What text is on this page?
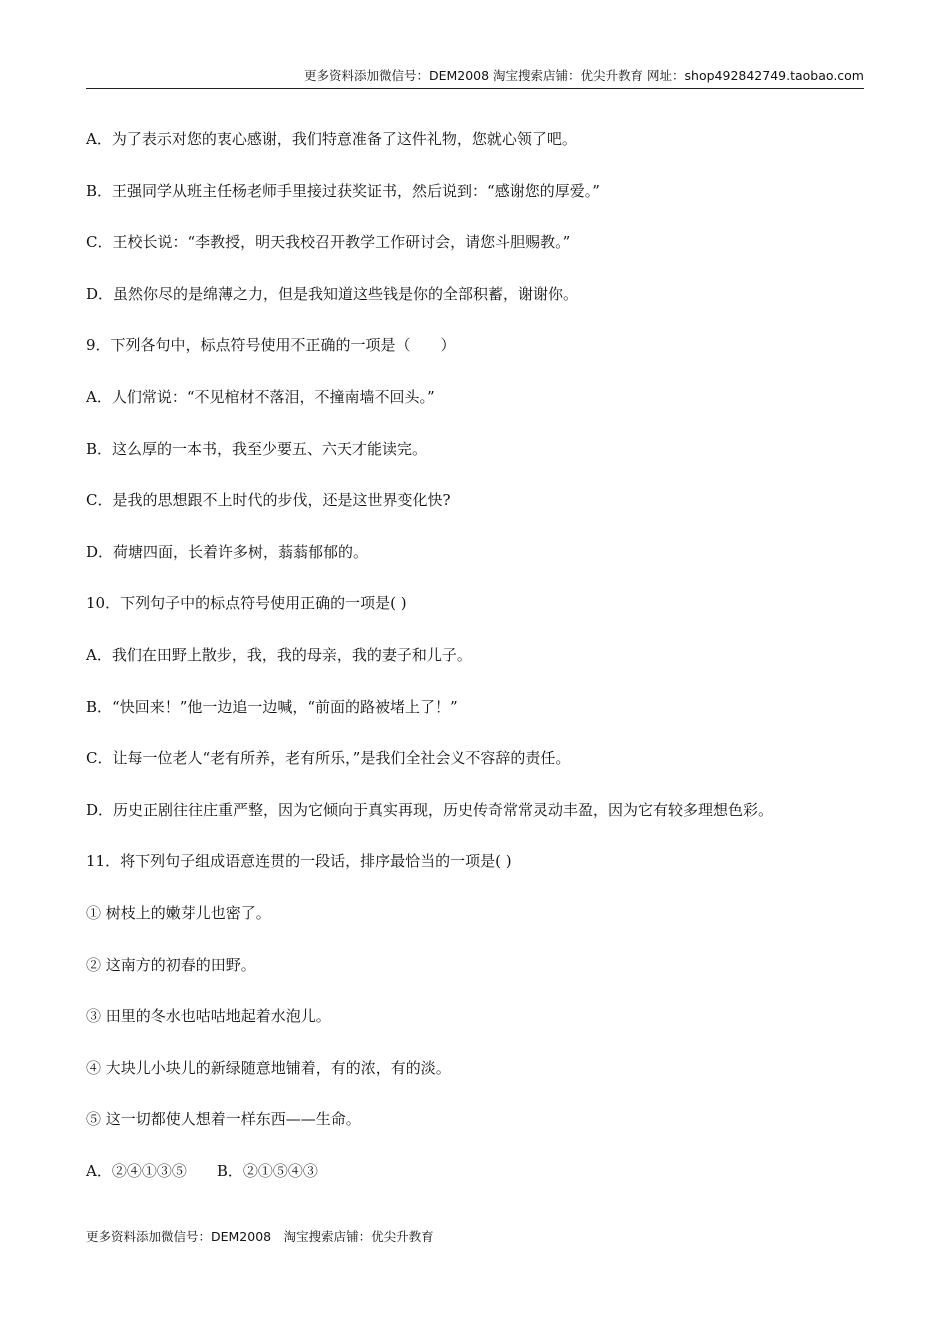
更多资料添加微信号：DEM2008 淘宝搜索店铺：优尖升教育 网址：shop492842749.taobao.com
A．为了表示对您的衷心感谢，我们特意准备了这件礼物，您就心领了吧。
B．王强同学从班主任杨老师手里接过获奖证书，然后说到：“感谢您的厚爱。”
C．王校长说：“李教授，明天我校召开教学工作研讨会，请您斗胆赐教。”
D．虽然你尽的是绵薄之力，但是我知道这些钱是你的全部积蓄，谢谢你。
9．下列各句中，标点符号使用不正确的一项是（　　）
A．人们常说：“不见棺材不落泪，不撞南墙不回头。”
B．这么厚的一本书，我至少要五、六天才能读完。
C．是我的思想跟不上时代的步伐，还是这世界变化快?
D．荷塘四面，长着许多树，蓊蓊郁郁的。
10．下列句子中的标点符号使用正确的一项是( )
A．我们在田野上散步，我，我的母亲，我的妻子和儿子。
B．“快回来！”他一边追一边喊，“前面的路被堵上了！”
C．让每一位老人“老有所养，老有所乐，”是我们全社会义不容辞的责任。
D．历史正剧往往庄重严整，因为它倾向于真实再现，历史传奇常常灵动丰盈，因为它有较多理想色彩。
11．将下列句子组成语意连贯的一段话，排序最恰当的一项是( )
① 树枝上的嫩芽儿也密了。
② 这南方的初春的田野。
③ 田里的冬水也咕咕地起着水泡儿。
④ 大块儿小块儿的新绿随意地铺着，有的浓，有的淡。
⑤ 这一切都使人想着一样东西——生命。
A．②④①③⑤　　B．②①⑤④③
更多资料添加微信号：DEM2008　淘宝搜索店铺：优尖升教育
